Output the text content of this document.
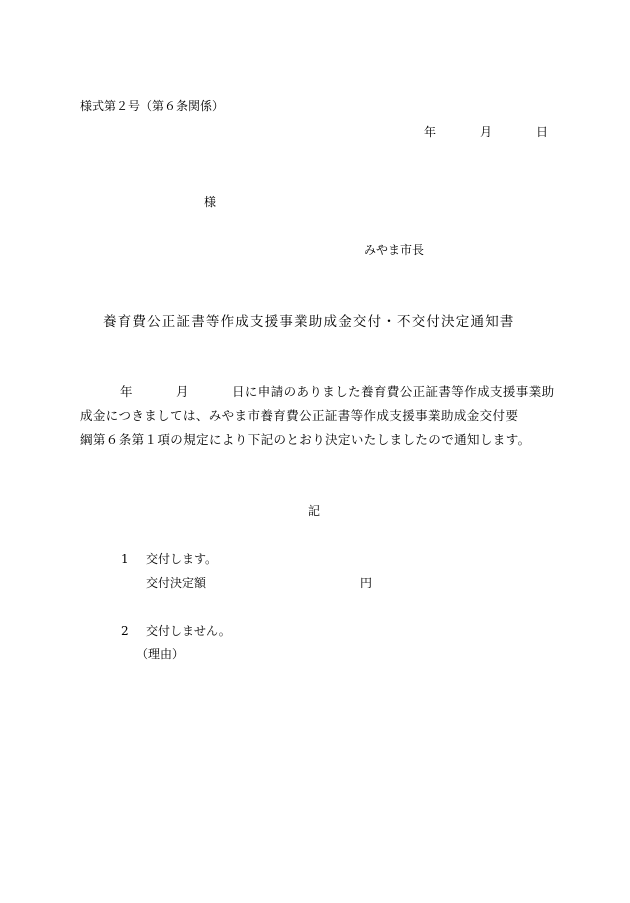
様式第２号（第６条関係）
年	月	日
様
みやま市長
養育費公正証書等作成支援事業助成金交付・不交付決定通知書
年	月	日に申請のありました養育費公正証書等作成支援事業助
成金につきましては、みやま市養育費公正証書等作成支援事業助成金交付要
綱第６条第１項の規定により下記のとおり決定いたしましたので通知します。
記
1 交付します。
交付決定額	円
2 交付しません。
（理由）
